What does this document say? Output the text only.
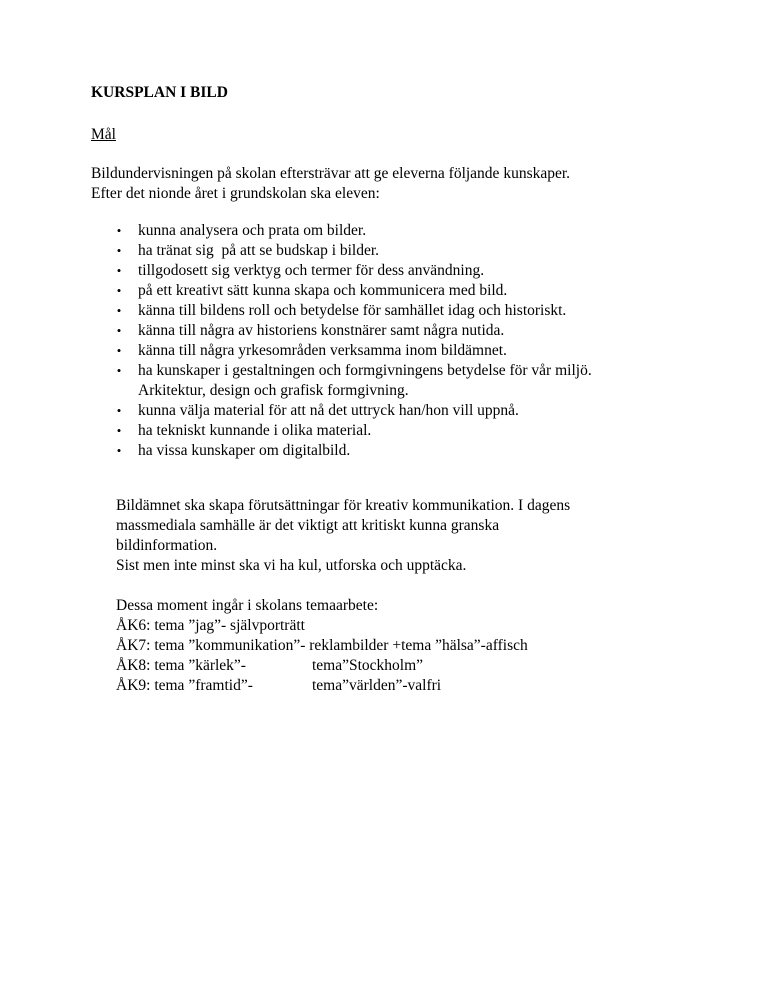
KURSPLAN I BILD
Mål
Bildundervisningen på skolan eftersträvar att ge eleverna följande kunskaper.
Efter det nionde året i grundskolan ska eleven:
• kunna analysera och prata om bilder.
• ha tränat sig  på att se budskap i bilder.
• tillgodosett sig verktyg och termer för dess användning.
• på ett kreativt sätt kunna skapa och kommunicera med bild.
• känna till bildens roll och betydelse för samhället idag och historiskt.
• känna till några av historiens konstnärer samt några nutida.
• känna till några yrkesområden verksamma inom bildämnet.
• ha kunskaper i gestaltningen och formgivningens betydelse för vår miljö.
Arkitektur, design och grafisk formgivning.
• kunna välja material för att nå det uttryck han/hon vill uppnå.
• ha tekniskt kunnande i olika material.
• ha vissa kunskaper om digitalbild.
Bildämnet ska skapa förutsättningar för kreativ kommunikation. I dagens
massmediala samhälle är det viktigt att kritiskt kunna granska
bildinformation.
Sist men inte minst ska vi ha kul, utforska och upptäcka.
Dessa moment ingår i skolans temaarbete:
ÅK6: tema ”jag”- självporträtt
ÅK7: tema ”kommunikation”- reklambilder +tema ”hälsa”-affisch
ÅK8: tema ”kärlek”-	tema”Stockholm”
ÅK9: tema ”framtid”-	tema”världen”-valfri
